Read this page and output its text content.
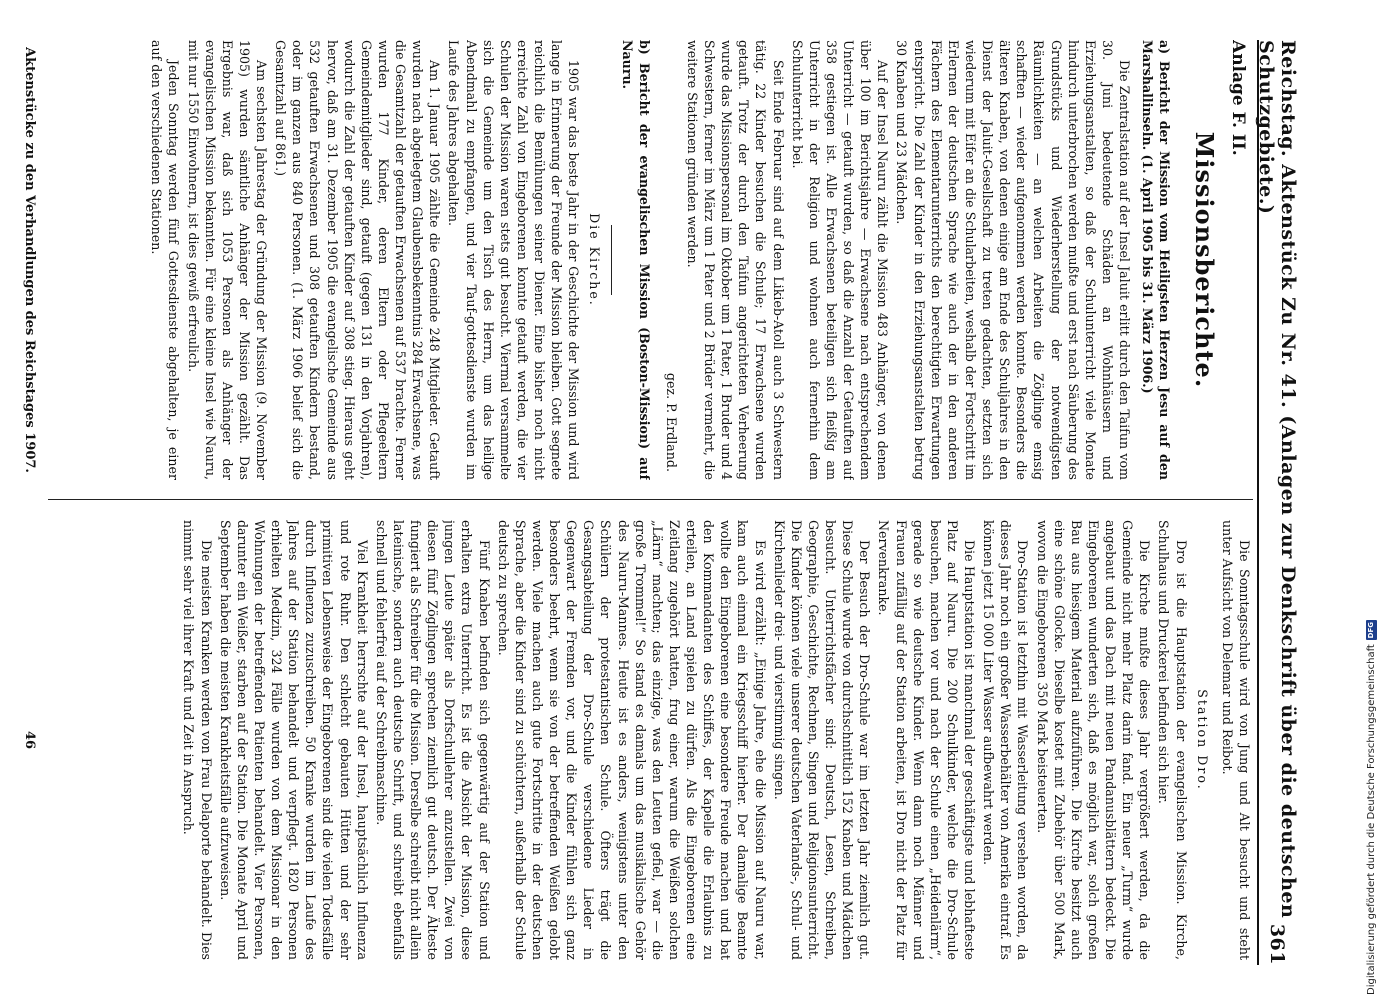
Reichstag. Aktenstück Zu Nr. 41. (Anlagen zur Denkschrift über die deutschen Schutzgebiete.)
361
Anlage F. II.
Missionsberichte.
a) Bericht der Mission vom Heiligsten Herzen Jesu auf den Marshallinseln. (1. April 1905 bis 31. März 1906.)

Die Zentralstation auf der Insel Jaluit erlitt durch den Taifun vom 30. Juni bedeutende Schäden an Wohnhäusern und Erziehungsanstalten, so daß der Schulunterricht viele Monate hindurch unterbrochen werden mußte und erst nach Säuberung des Grundstücks und Wiederherstellung der notwendigsten Räumlichkeiten — an welchen Arbeiten die Zöglinge emsig schafften — wieder aufgenommen werden konnte. Besonders die älteren Knaben, von denen einige am Ende des Schuljahres in den Dienst der Jaluit-Gesellschaft zu treten gedachten, setzten sich wiederum mit Eifer an die Schularbeiten, weshalb der Fortschritt im Erlernen der deutschen Sprache wie auch der in den anderen Fächern des Elementarunterrichts den berechtigten Erwartungen entspricht. Die Zahl der Kinder in den Erziehungsanstalten betrug 30 Knaben und 23 Mädchen.

Auf der Insel Nauru zählt die Mission 483 Anhänger, von denen über 100 im Berichtsjahre — Erwachsene nach entsprechendem Unterricht — getauft wurden, so daß die Anzahl der Getauften auf 358 gestiegen ist. Alle Erwachsenen beteiligen sich fleißig am Unterricht in der Religion und wohnen auch fernerhin dem Schulunterricht bei.

Seit Ende Februar sind auf dem Likieb-Atoll auch 3 Schwestern tätig. 22 Kinder besuchen die Schule; 17 Erwachsene wurden getauft. Trotz der durch den Taifun angerichteten Verheerung wurde das Missionspersonal im Oktober um 1 Pater, 1 Bruder und 4 Schwestern, ferner im März um 1 Pater und 2 Brüder vermehrt, die weitere Stationen gründen werden.

gez. P. Erdland.
b) Bericht der evangelischen Mission (Boston-Mission) auf Nauru.
Die Kirche.

1905 war das beste Jahr in der Geschichte der Mission und wird lange in Erinnerung der Freunde der Mission bleiben. Gott segnete reichlich die Bemühungen seiner Diener. Eine bisher noch nicht erreichte Zahl von Eingeborenen konnte getauft werden, die vier Schulen der Mission waren stets gut besucht. Viermal versammelte sich die Gemeinde um den Tisch des Herrn, um das heilige Abendmahl zu empfangen, und vier Tauf-gottesdienste wurden im Laufe des Jahres abgehalten.

Am 1. Januar 1905 zählte die Gemeinde 248 Mitglieder. Getauft wurden nach abgelegtem Glaubensbekenntnis 284 Erwachsene, was die Gesamtzahl der getauften Erwachsenen auf 537 brachte. Ferner wurden 177 Kinder, deren Eltern oder Pflegeeltern Gemeindemitglieder sind, getauft (gegen 131 in den Vorjahren), wodurch die Zahl der getauften Kinder auf 308 stieg. Hieraus geht hervor, daß am 31. Dezember 1905 die evangelische Gemeinde aus 532 getauften Erwachsenen und 308 getauften Kindern bestand, oder im ganzen aus 840 Personen. (1. März 1906 belief sich die Gesamtzahl auf 861.)

Am sechsten Jahrestag der Gründung der Mission (9. November 1905) wurden sämtliche Anhänger der Mission gezählt. Das Ergebnis war, daß sich 1053 Personen als Anhänger der evangelischen Mission bekannten. Für eine kleine Insel wie Nauru, mit nur 1550 Einwohnern, ist dies gewiß erfreulich.

Jeden Sonntag werden fünf Gottesdienste abgehalten, je einer auf den verschiedenen Stationen.

Die Sonntagsschule wird von Jung und Alt besucht und steht unter Aufsicht von Delemar und Reibot.

Station Dro.

Dro ist die Hauptstation der evangelischen Mission. Kirche, Schulhaus und Druckerei befinden sich hier.

Die Kirche mußte dieses Jahr vergrößert werden, da die Gemeinde nicht mehr Platz darin fand. Ein neuer „Turm“ wurde angebaut und das Dach mit neuen Pandanusblättern bedeckt. Die Eingeborenen wunderten sich, daß es möglich war, solch großen Bau aus hiesigem Material aufzuführen. Die Kirche besitzt auch eine schöne Glocke. Dieselbe kostet mit Zubehör über 500 Mark, wovon die Eingeborenen 350 Mark beisteuerten.

Dro-Station ist letzthin mit Wasserleitung versehen worden, da dieses Jahr noch ein großer Wasserbehälter von Amerika eintraf. Es können jetzt 15 000 Liter Wasser aufbewahrt werden.

Die Hauptstation ist manchmal der geschäftigste und lebhafteste Platz auf Nauru. Die 200 Schulkinder, welche die Dro-Schule besuchen, machen vor und nach der Schule einen „Heidenlärm“, gerade so wie deutsche Kinder. Wenn dann noch Männer und Frauen zufällig auf der Station arbeiten, ist Dro nicht der Platz für Nervenkranke.

Der Besuch der Dro-Schule war im letzten Jahr ziemlich gut. Diese Schule wurde von durchschnittlich 152 Knaben und Mädchen besucht. Unterrichtsfächer sind: Deutsch, Lesen, Schreiben, Geographie, Geschichte, Rechnen, Singen und Religionsunterricht. Die Kinder können viele unserer deutschen Vaterlands-, Schul- und Kirchenlieder drei- und vierstimmig singen.

Es wird erzählt: „Einige Jahre, ehe die Mission auf Nauru war, kam auch einmal ein Kriegsschiff hierher. Der damalige Beamte wollte den Eingeborenen eine besondere Freude machen und bat den Kommandanten des Schiffes, der Kapelle die Erlaubnis zu erteilen, an Land spielen zu dürfen. Als die Eingeborenen eine Zeitlang zugehört hatten, frug einer, warum die Weißen solchen „Lärm“ machten; das einzige, was den Leuten gefiel, war — die große Trommel!“ So stand es damals um das musikalische Gehör des Nauru-Mannes. Heute ist es anders, wenigstens unter den Schülern der protestantischen Schule. Öfters trägt die Gesangsabteilung der Dro-Schule verschiedene Lieder in Gegenwart der Fremden vor, und die Kinder fühlen sich ganz besonders beehrt, wenn sie von der betreffenden Weißen gelobt werden. Viele machen auch gute Fortschritte in der deutschen Sprache, aber die Kinder sind zu schüchtern, außerhalb der Schule deutsch zu sprechen.

Fünf Knaben befinden sich gegenwärtig auf der Station und erhalten extra Unterricht. Es ist die Absicht der Mission, diese jungen Leute später als Dorfschullehrer anzustellen. Zwei von diesen fünf Zöglingen sprechen ziemlich gut deutsch. Der Älteste fungiert als Schreiber für die Mission. Derselbe schreibt nicht allein lateinische, sondern auch deutsche Schrift, und schreibt ebenfalls schnell und fehlerfrei auf der Schreibmaschine.

Viel Krankheit herrschte auf der Insel, hauptsächlich Influenza und rote Ruhr. Den schlecht gebauten Hütten und der sehr primitiven Lebensweise der Eingeborenen sind die vielen Todesfälle durch Influenza zuzuschreiben. 50 Kranke wurden im Laufe des Jahres auf der Station behandelt und verpflegt. 1820 Personen erhielten Medizin, 324 Fälle wurden von dem Missionar in den Wohnungen der betreffenden Patienten behandelt. Vier Personen, darunter ein Weißer, starben auf der Station. Die Monate April und September haben die meisten Krankheitsfälle aufzuweisen.

Die meisten Kranken werden von Frau Delaporte behandelt. Dies nimmt sehr viel ihrer Kraft und Zeit in Anspruch.

Aktenstücke zu den Verhandlungen des Reichstages 1907.
46	Digitalisierung gefördert durch die Deutsche Forschungsgemeinschaft
DFG
